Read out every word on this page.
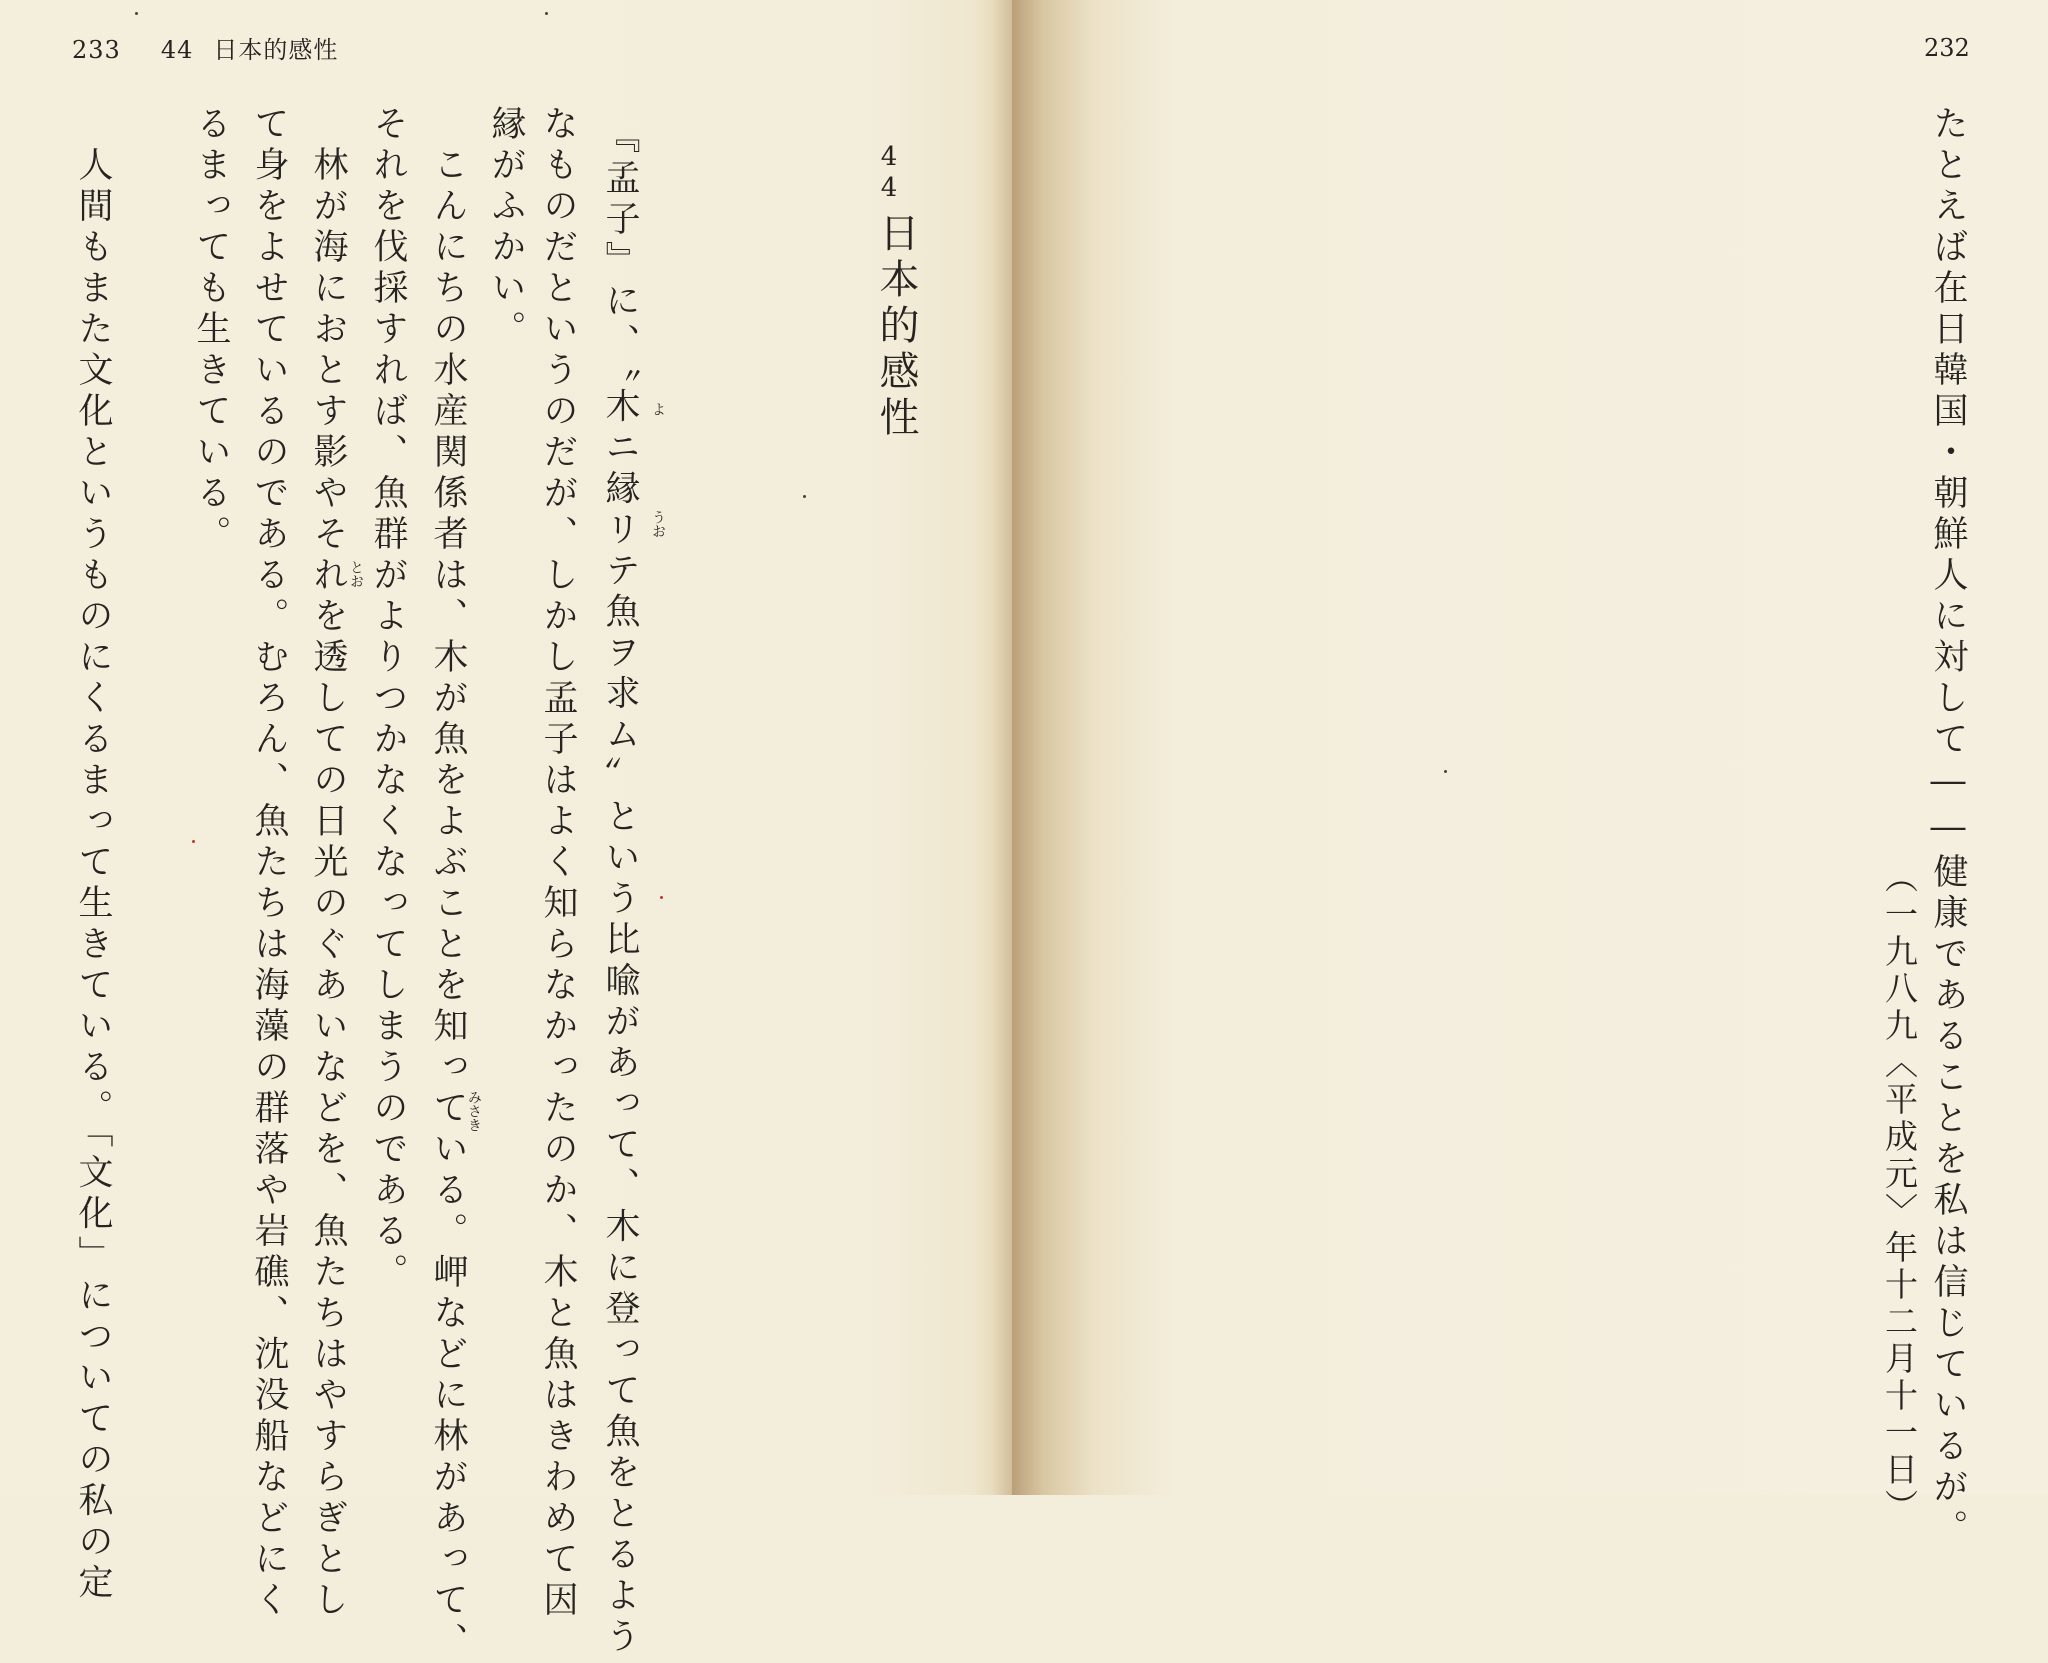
233 44 日本的感性
44
日本的感性
『孟子』に、〝木ニ縁リテ魚ヲ求ム〟という比喩があって、木に登って魚をとるよう
なものだというのだが、しかし孟子はよく知らなかったのか、木と魚はきわめて因
縁がふかい。
　こんにちの水産関係者は、木が魚をよぶことを知っている。岬などに林があって、
それを伐採すれば、魚群がよりつかなくなってしまうのである。
　林が海におとす影やそれを透しての日光のぐあいなどを、魚たちはやすらぎとし
て身をよせているのである。むろん、魚たちは海藻の群落や岩礁、沈没船などにく
るまっても生きている。
　人間もまた文化というものにくるまって生きている。「文化」についての私の定	よ
うお
とお
みさき
232
たとえば在日韓国・朝鮮人に対して――健康であることを私は信じているが。
（一九八九〈平成元〉年十二月十一日）
